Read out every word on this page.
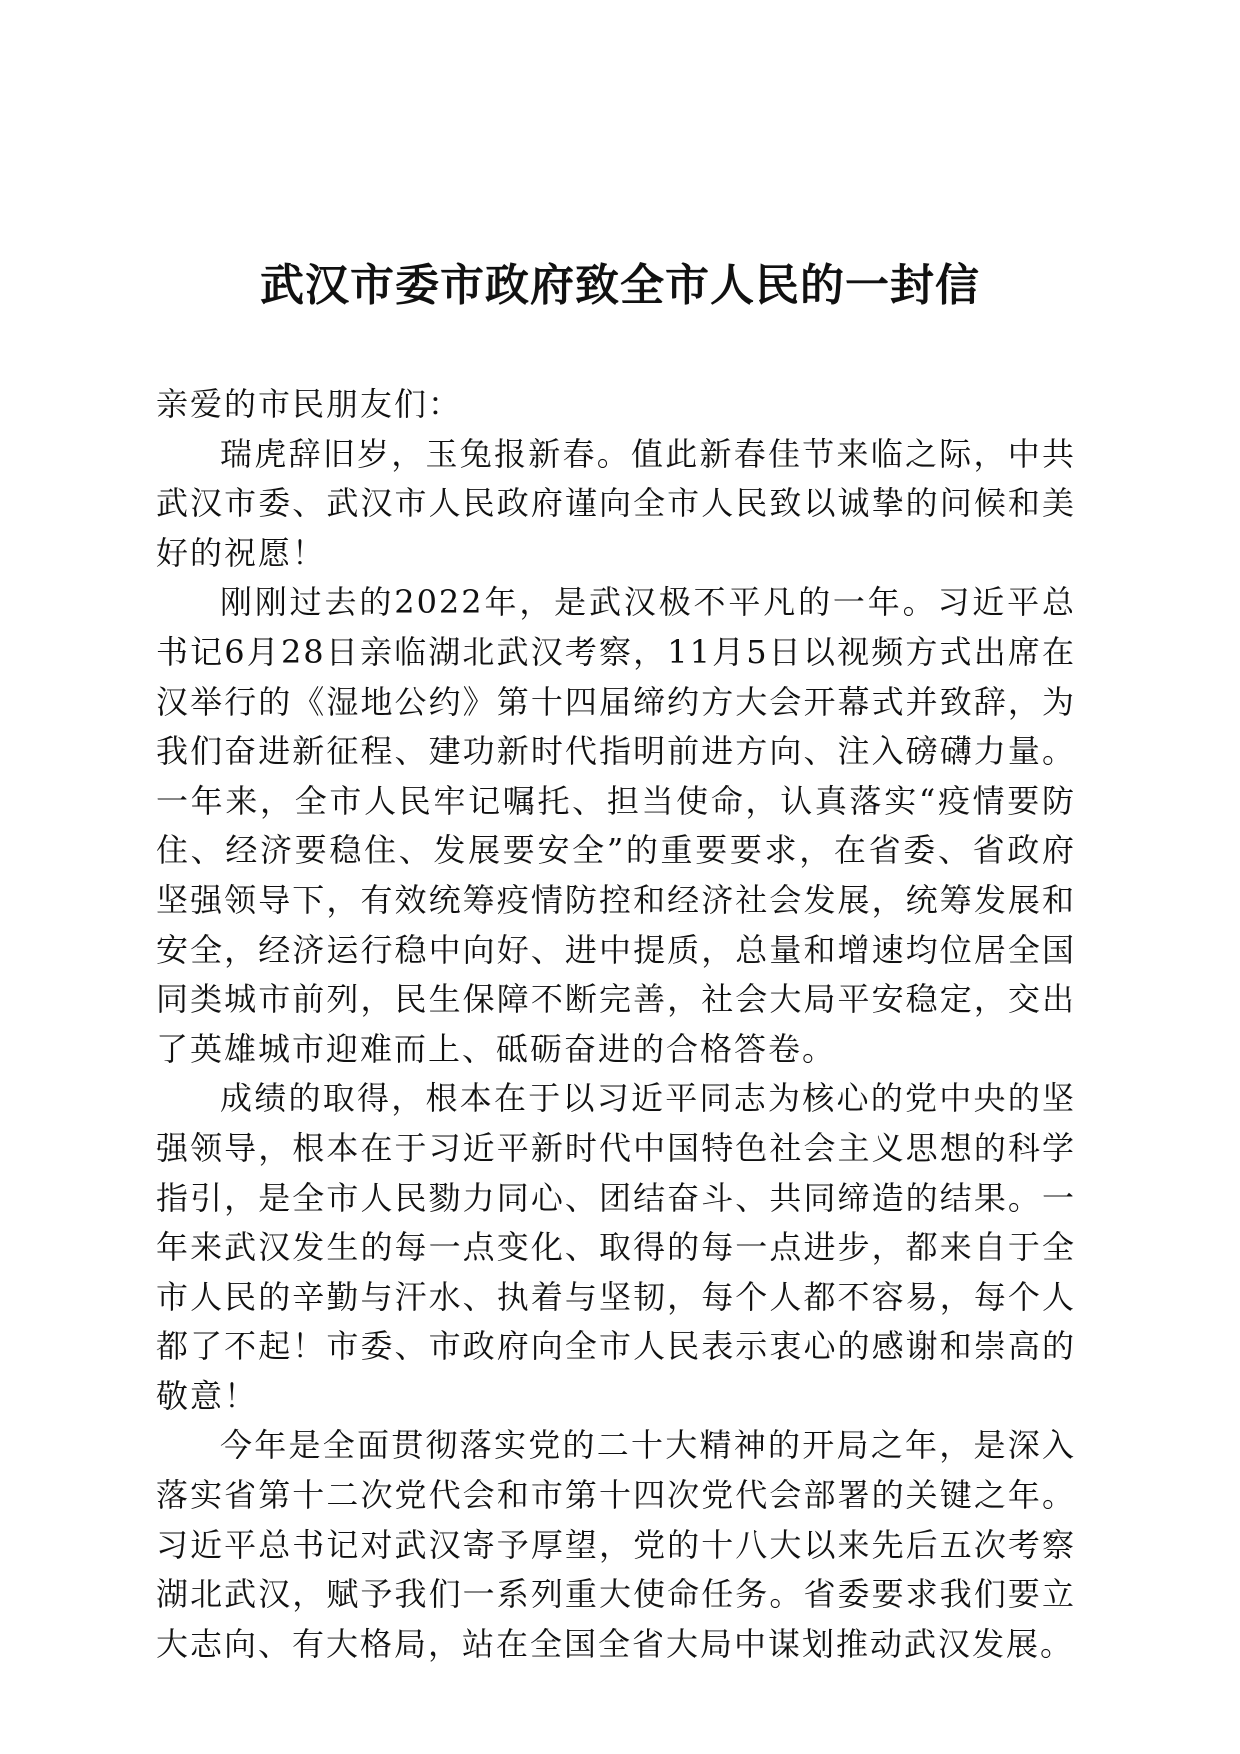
武汉市委市政府致全市人民的一封信

亲爱的市民朋友们：

瑞虎辞旧岁，玉兔报新春。值此新春佳节来临之际，中共武汉市委、武汉市人民政府谨向全市人民致以诚挚的问候和美好的祝愿！

刚刚过去的2022年，是武汉极不平凡的一年。习近平总书记6月28日亲临湖北武汉考察，11月5日以视频方式出席在汉举行的《湿地公约》第十四届缔约方大会开幕式并致辞，为我们奋进新征程、建功新时代指明前进方向、注入磅礴力量。一年来，全市人民牢记嘱托、担当使命，认真落实“疫情要防住、经济要稳住、发展要安全”的重要要求，在省委、省政府坚强领导下，有效统筹疫情防控和经济社会发展，统筹发展和安全，经济运行稳中向好、进中提质，总量和增速均位居全国同类城市前列，民生保障不断完善，社会大局平安稳定，交出了英雄城市迎难而上、砥砺奋进的合格答卷。

成绩的取得，根本在于以习近平同志为核心的党中央的坚强领导，根本在于习近平新时代中国特色社会主义思想的科学指引，是全市人民勠力同心、团结奋斗、共同缔造的结果。一年来武汉发生的每一点变化、取得的每一点进步，都来自于全市人民的辛勤与汗水、执着与坚韧，每个人都不容易，每个人都了不起！市委、市政府向全市人民表示衷心的感谢和崇高的敬意！

今年是全面贯彻落实党的二十大精神的开局之年，是深入落实省第十二次党代会和市第十四次党代会部署的关键之年。习近平总书记对武汉寄予厚望，党的十八大以来先后五次考察湖北武汉，赋予我们一系列重大使命任务。省委要求我们要立大志向、有大格局，站在全国全省大局中谋划推动武汉发展。
